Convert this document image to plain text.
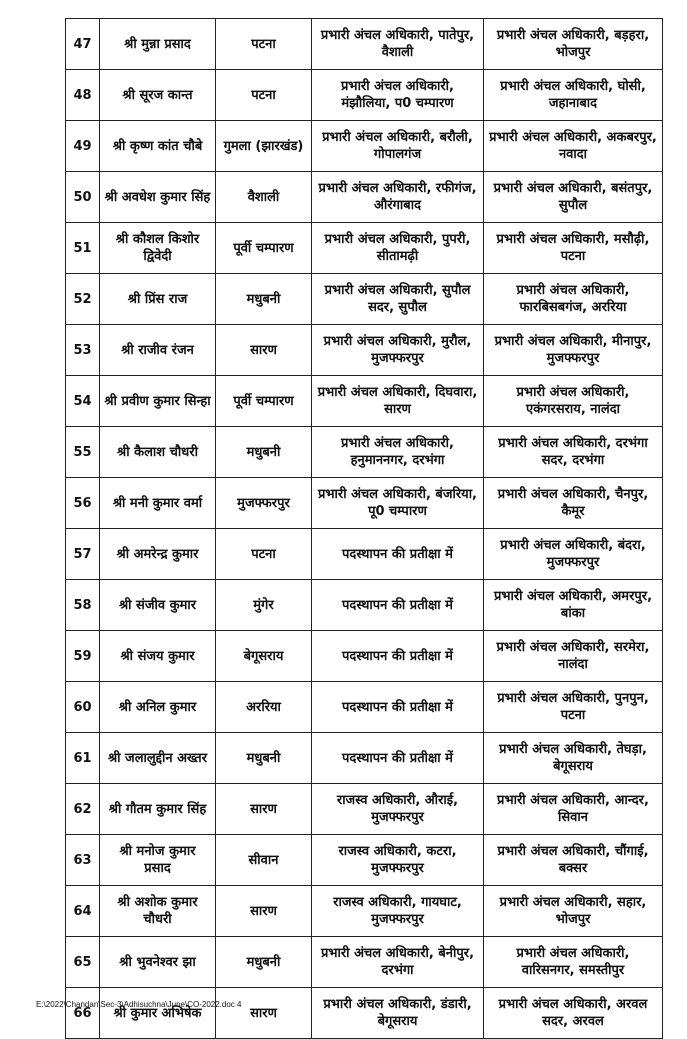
47	श्री मुन्ना प्रसाद	पटना	प्रभारी अंचल अधिकारी, पातेपुर, वैशाली	प्रभारी अंचल अधिकारी, बड़हरा, भोजपुर
48	श्री सूरज कान्त	पटना	प्रभारी अंचल अधिकारी, मंझौलिया, प0 चम्पारण	प्रभारी अंचल अधिकारी, घोसी, जहानाबाद
49	श्री कृष्ण कांत चौबे	गुमला (झारखंड)	प्रभारी अंचल अधिकारी, बरौली, गोपालगंज	प्रभारी अंचल अधिकारी, अकबरपुर, नवादा
50	श्री अवधेश कुमार सिंह	वैशाली	प्रभारी अंचल अधिकारी, रफीगंज, औरंगाबाद	प्रभारी अंचल अधिकारी, बसंतपुर, सुपौल
51	श्री कौशल किशोर द्विवेदी	पूर्वी चम्पारण	प्रभारी अंचल अधिकारी, पुपरी, सीतामढ़ी	प्रभारी अंचल अधिकारी, मसौढ़ी, पटना
52	श्री प्रिंस राज	मधुबनी	प्रभारी अंचल अधिकारी, सुपौल सदर, सुपौल	प्रभारी अंचल अधिकारी, फारबिसबगंज, अररिया
53	श्री राजीव रंजन	सारण	प्रभारी अंचल अधिकारी, मुरौल, मुजफ्फरपुर	प्रभारी अंचल अधिकारी, मीनापुर, मुजफ्फरपुर
54	श्री प्रवीण कुमार सिन्हा	पूर्वी चम्पारण	प्रभारी अंचल अधिकारी, दिघवारा, सारण	प्रभारी अंचल अधिकारी, एकंगरसराय, नालंदा
55	श्री कैलाश चौधरी	मधुबनी	प्रभारी अंचल अधिकारी, हनुमाननगर, दरभंगा	प्रभारी अंचल अधिकारी, दरभंगा सदर, दरभंगा
56	श्री मनी कुमार वर्मा	मुजफ्फरपुर	प्रभारी अंचल अधिकारी, बंजरिया, पू0 चम्पारण	प्रभारी अंचल अधिकारी, चैनपुर, कैमूर
57	श्री अमरेन्द्र कुमार	पटना	पदस्थापन की प्रतीक्षा में	प्रभारी अंचल अधिकारी, बंदरा, मुजफ्फरपुर
58	श्री संजीव कुमार	मुंगेर	पदस्थापन की प्रतीक्षा में	प्रभारी अंचल अधिकारी, अमरपुर, बांका
59	श्री संजय कुमार	बेगूसराय	पदस्थापन की प्रतीक्षा में	प्रभारी अंचल अधिकारी, सरमेरा, नालंदा
60	श्री अनिल कुमार	अररिया	पदस्थापन की प्रतीक्षा में	प्रभारी अंचल अधिकारी, पुनपुन, पटना
61	श्री जलालुद्दीन अख्तर	मधुबनी	पदस्थापन की प्रतीक्षा में	प्रभारी अंचल अधिकारी, तेघड़ा, बेगूसराय
62	श्री गौतम कुमार सिंह	सारण	राजस्व अधिकारी, औराई, मुजफ्फरपुर	प्रभारी अंचल अधिकारी, आन्दर, सिवान
63	श्री मनोज कुमार प्रसाद	सीवान	राजस्व अधिकारी, कटरा, मुजफ्फरपुर	प्रभारी अंचल अधिकारी, चौंगाई, बक्सर
64	श्री अशोक कुमार चौधरी	सारण	राजस्व अधिकारी, गायघाट, मुजफ्फरपुर	प्रभारी अंचल अधिकारी, सहार, भोजपुर
65	श्री भुवनेश्वर झा	मधुबनी	प्रभारी अंचल अधिकारी, बेनीपुर, दरभंगा	प्रभारी अंचल अधिकारी, वारिसनगर, समस्तीपुर
66	श्री कुमार अभिषेक	सारण	प्रभारी अंचल अधिकारी, डंडारी, बेगूसराय	प्रभारी अंचल अधिकारी, अरवल सदर, अरवल
E:\2022\Chandan\Sec-3\Adhisuchna\June\CO-2022.doc 4
